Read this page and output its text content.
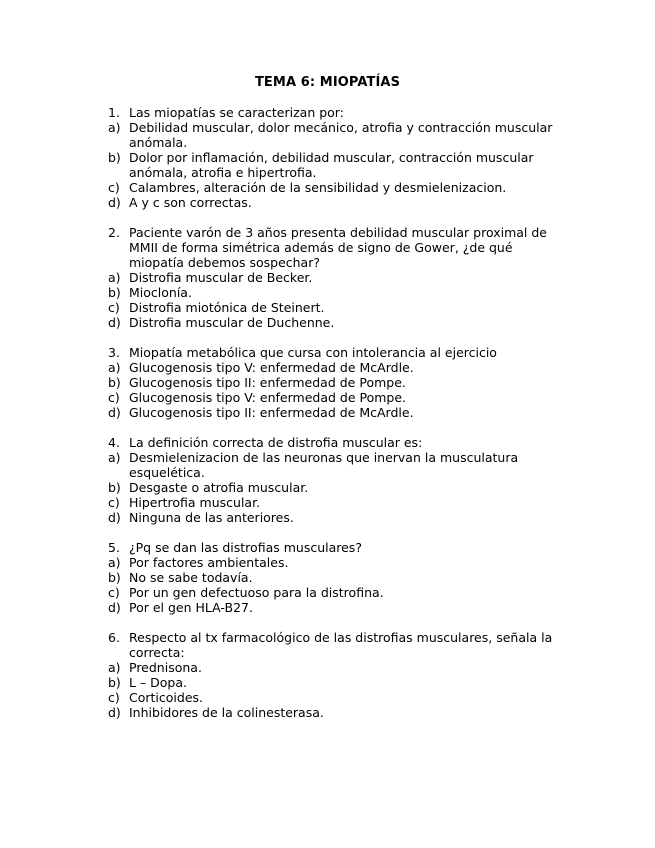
TEMA 6: MIOPATÍAS
1. Las miopatías se caracterizan por:
a) Debilidad muscular, dolor mecánico, atrofia y contracción muscular anómala.
b) Dolor por inflamación, debilidad muscular, contracción muscular anómala, atrofia e hipertrofia.
c) Calambres, alteración de la sensibilidad y desmielenizacion.
d) A y c son correctas.
2. Paciente varón de 3 años presenta debilidad muscular proximal de MMII de forma simétrica además de signo de Gower, ¿de qué miopatía debemos sospechar?
a) Distrofia muscular de Becker.
b) Mioclonía.
c) Distrofia miotónica de Steinert.
d) Distrofia muscular de Duchenne.
3. Miopatía metabólica que cursa con intolerancia al ejercicio
a) Glucogenosis tipo V: enfermedad de McArdle.
b) Glucogenosis tipo II: enfermedad de Pompe.
c) Glucogenosis tipo V: enfermedad de Pompe.
d) Glucogenosis tipo II: enfermedad de McArdle.
4. La definición correcta de distrofia muscular es:
a) Desmielenizacion de las neuronas que inervan la musculatura esquelética.
b) Desgaste o atrofia muscular.
c) Hipertrofia muscular.
d) Ninguna de las anteriores.
5. ¿Pq se dan las distrofias musculares?
a) Por factores ambientales.
b) No se sabe todavía.
c) Por un gen defectuoso para la distrofina.
d) Por el gen HLA-B27.
6. Respecto al tx farmacológico de las distrofias musculares, señala la correcta:
a) Prednisona.
b) L – Dopa.
c) Corticoides.
d) Inhibidores de la colinesterasa.
